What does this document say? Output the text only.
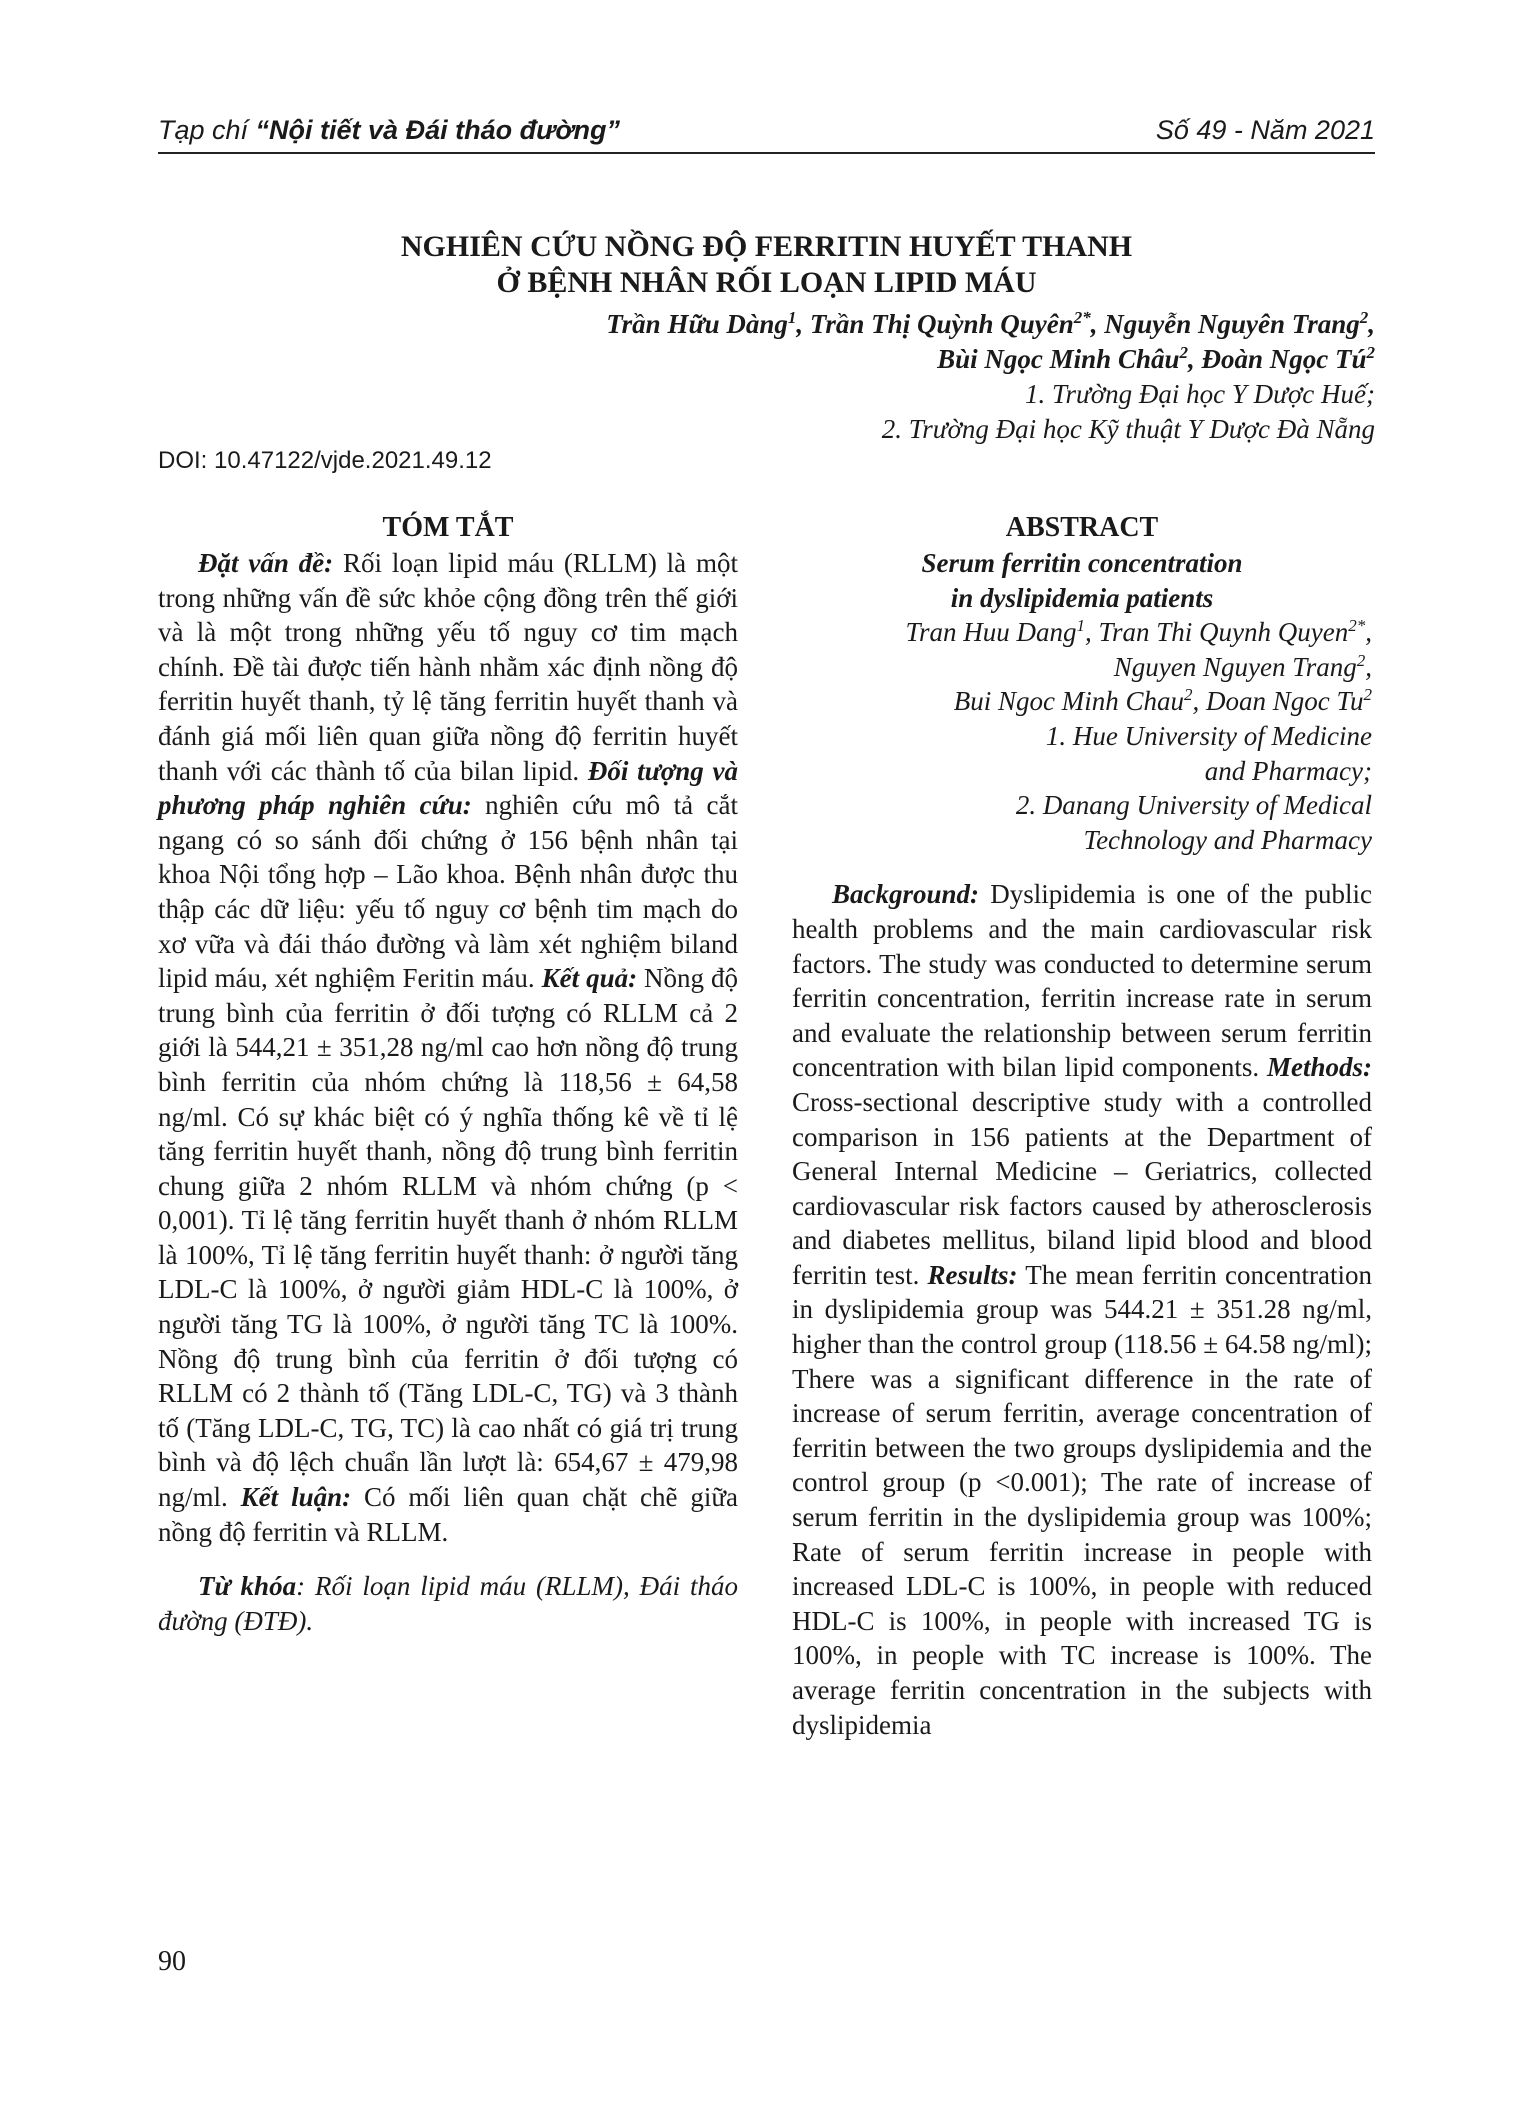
Tạp chí “Nội tiết và Đái tháo đường”	Số 49 - Năm 2021
NGHIÊN CỨU NỒNG ĐỘ FERRITIN HUYẾT THANH
Ở BỆNH NHÂN RỐI LOẠN LIPID MÁU
Trần Hữu Dàng$^1$, Trần Thị Quỳnh Quyên$^{2*}$, Nguyễn Nguyên Trang$^2$,
Bùi Ngọc Minh Châu$^2$, Đoàn Ngọc $Tú^2$
1. Trường Đại học Y Dược Huế;
2. Trường Đại học Kỹ thuật Y Dược Đà Nẵng
DOI: 10.47122/vjde.2021.49.12

TÓM TẮT

Đặt vấn đề: Rối loạn lipid máu (RLLM) là một trong những vấn đề sức khỏe cộng đồng trên thế giới và là một trong những yếu tố nguy cơ tim mạch chính. Đề tài được tiến hành nhằm xác định nồng độ ferritin huyết thanh, tỷ lệ tăng ferritin huyết thanh và đánh giá mối liên quan giữa nồng độ ferritin huyết thanh với các thành tố của bilan lipid. Đối tượng và phương pháp nghiên cứu: nghiên cứu mô tả cắt ngang có so sánh đối chứng ở 156 bệnh nhân tại khoa Nội tổng hợp – Lão khoa. Bệnh nhân được thu thập các dữ liệu: yếu tố nguy cơ bệnh tim mạch do xơ vữa và đái tháo đường và làm xét nghiệm biland lipid máu, xét nghiệm Feritin máu. Kết quả: Nồng độ trung bình của ferritin ở đối tượng có RLLM cả 2 giới là 544,21 ± 351,28 ng/ml cao hơn nồng độ trung bình ferritin của nhóm chứng là 118,56 ± 64,58 ng/ml. Có sự khác biệt có ý nghĩa thống kê về tỉ lệ tăng ferritin huyết thanh, nồng độ trung bình ferritin chung giữa 2 nhóm RLLM và nhóm chứng (p < 0,001). Tỉ lệ tăng ferritin huyết thanh ở nhóm RLLM là 100%, Tỉ lệ tăng ferritin huyết thanh: ở người tăng LDL-C là 100%, ở người giảm HDL-C là 100%, ở người tăng TG là 100%, ở người tăng TC là 100%. Nồng độ trung bình của ferritin ở đối tượng có RLLM có 2 thành tố (Tăng LDL-C, TG) và 3 thành tố (Tăng LDL-C, TG, TC) là cao nhất có giá trị trung bình và độ lệch chuẩn lần lượt là: 654,67 ± 479,98 ng/ml. Kết luận: Có mối liên quan chặt chẽ giữa nồng độ ferritin và RLLM.

Từ khóa: Rối loạn lipid máu (RLLM), Đái tháo đường (ĐTĐ).

ABSTRACT

Serum ferritin concentration

in dyslipidemia patients

Tran Huu Dang$^1$, Tran Thi Quynh Quyen$^{2*}$,

Nguyen Nguyen Trang$^2$,

Bui Ngoc Minh Chau$^2$, Doan Ngoc Tu$^2$

1. Hue University of Medicine

and Pharmacy;

2. Danang University of Medical

Technology and Pharmacy

Background: Dyslipidemia is one of the public health problems and the main cardiovascular risk factors. The study was conducted to determine serum ferritin concentration, ferritin increase rate in serum and evaluate the relationship between serum ferritin concentration with bilan lipid components. Methods: Cross-sectional descriptive study with a controlled comparison in 156 patients at the Department of General Internal Medicine – Geriatrics, collected cardiovascular risk factors caused by atherosclerosis and diabetes mellitus, biland lipid blood and blood ferritin test. Results: The mean ferritin concentration in dyslipidemia group was 544.21 ± 351.28 ng/ml, higher than the control group (118.56 ± 64.58 ng/ml); There was a significant difference in the rate of increase of serum ferritin, average concentration of ferritin between the two groups dyslipidemia and the control group (p <0.001); The rate of increase of serum ferritin in the dyslipidemia group was 100%; Rate of serum ferritin increase in people with increased LDL-C is 100%, in people with reduced HDL-C is 100%, in people with increased TG is 100%, in people with TC increase is 100%. The average ferritin concentration in the subjects with dyslipidemia

90
